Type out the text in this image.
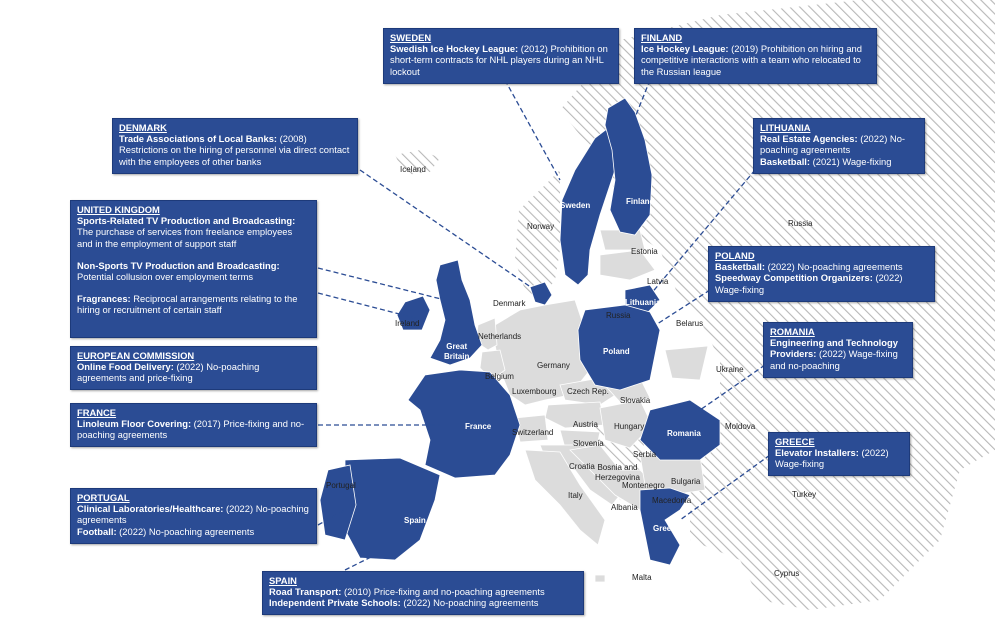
Iceland
Norway
Sweden	Finland
Russia
Estonia
Latvia
Lithuania
Russia
Denmark
Ireland
Great
Britain
Netherlands
Belarus
Poland
Germany
Belgium
Luxembourg Czech Rep.
Slovakia
Ukraine
France
Switzerland
Austria Hungary
Romania
Moldova
Slovenia
Serbia
Croatia Bosnia and
Herzegovina
Montenegro Bulgaria
Portugal
Spain
Italy
Albania
Macedonia
Turkey
Greece
Malta	Cyprus
SWEDEN
Swedish Ice Hockey League: (2012) Prohibition on short-term contracts for NHL players during an NHL lockout
FINLAND
Ice Hockey League: (2019) Prohibition on hiring and competitive interactions with a team who relocated to the Russian league
DENMARK
Trade Associations of Local Banks: (2008) Restrictions on the hiring of personnel via direct contact with the employees of other banks
LITHUANIA
Real Estate Agencies: (2022) No-poaching agreements
Basketball: (2021) Wage-fixing
UNITED KINGDOM
Sports-Related TV Production and Broadcasting: The purchase of services from freelance employees and in the employment of support staff
Non-Sports TV Production and Broadcasting: Potential collusion over employment terms
Fragrances: Reciprocal arrangements relating to the hiring or recruitment of certain staff
POLAND
Basketball: (2022) No-poaching agreements
Speedway Competition Organizers: (2022) Wage-fixing
ROMANIA
Engineering and Technology Providers: (2022) Wage-fixing and no-poaching
EUROPEAN COMMISSION
Online Food Delivery: (2022) No-poaching agreements and price-fixing
FRANCE
Linoleum Floor Covering: (2017) Price-fixing and no-poaching agreements
GREECE
Elevator Installers: (2022) Wage-fixing
PORTUGAL
Clinical Laboratories/Healthcare: (2022) No-poaching agreements
Football: (2022) No-poaching agreements
SPAIN
Road Transport: (2010) Price-fixing and no-poaching agreements
Independent Private Schools: (2022) No-poaching agreements
